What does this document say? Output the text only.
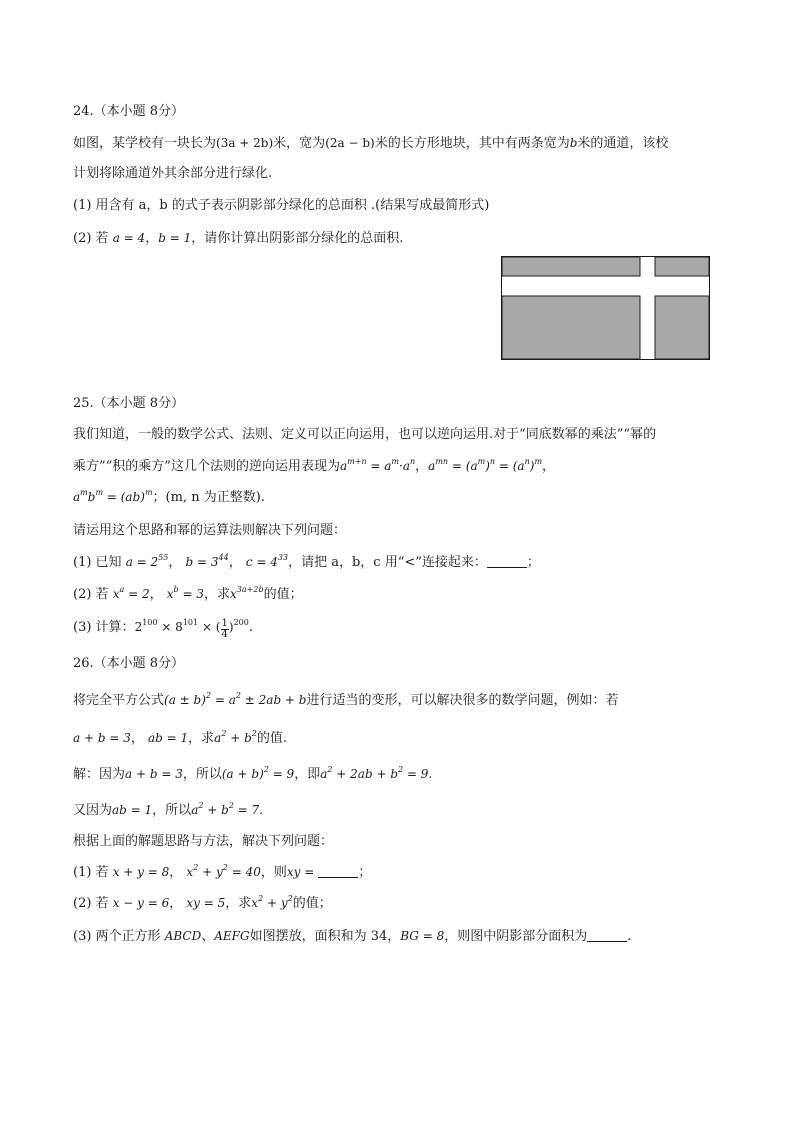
24.（本小题 8分）
如图，某学校有一块长为(3a + 2b)米，宽为(2a − b)米的长方形地块，其中有两条宽为b米的通道，该校
计划将除通道外其余部分进行绿化.
(1) 用含有 a，b 的式子表示阴影部分绿化的总面积 .(结果写成最简形式)
(2) 若 a = 4，b = 1，请你计算出阴影部分绿化的总面积.
25.（本小题 8分）
我们知道，一般的数学公式、法则、定义可以正向运用，也可以逆向运用.对于“同底数幂的乘法”“幂的
乘方”“积的乘方”这几个法则的逆向运用表现为$a^{m+n} = a^m\cdot a^n$，$a^{mn} = (a^m)^n = (a^n)^m$，
$a^mb^m = (ab)^m$；(m, n 为正整数).
请运用这个思路和幂的运算法则解决下列问题：
(1) 已知 $a = 2^{55}$， $b = 3^{44}$， $c = 4^{33}$，请把 a，b，c 用“<”连接起来：	；
(2) 若 $x^a = 2$， $x^b = 3$，求$x^{3a+2b}$的值；
(3) 计算：$2^{100} \times 8^{101}$ × ( $\frac{1}{4} )^{200}$.
26.（本小题 8分）
将完全平方公式$(a \pm b)^2 = a^2 \pm 2ab + b$进行适当的变形，可以解决很多的数学问题，例如：若
a + b = 3， ab = 1，求$a^2 + b^2$的值.
解：因为a + b = 3，所以$(a + b)^2 = 9$，即$a^2 + 2ab + b^2 = 9$.
又因为ab = 1，所以$a^2 + b^2 = 7$.
根据上面的解题思路与方法，解决下列问题：
(1) 若 x + y = 8， $x^2 + y^2 = 40$，则xy =	；
(2) 若 x − y = 6， xy = 5，求$x^2 + y^2$的值；
(3) 两个正方形 ABCD、AEFG如图摆放，面积和为 34，BG = 8，则图中阴影部分面积为	.
